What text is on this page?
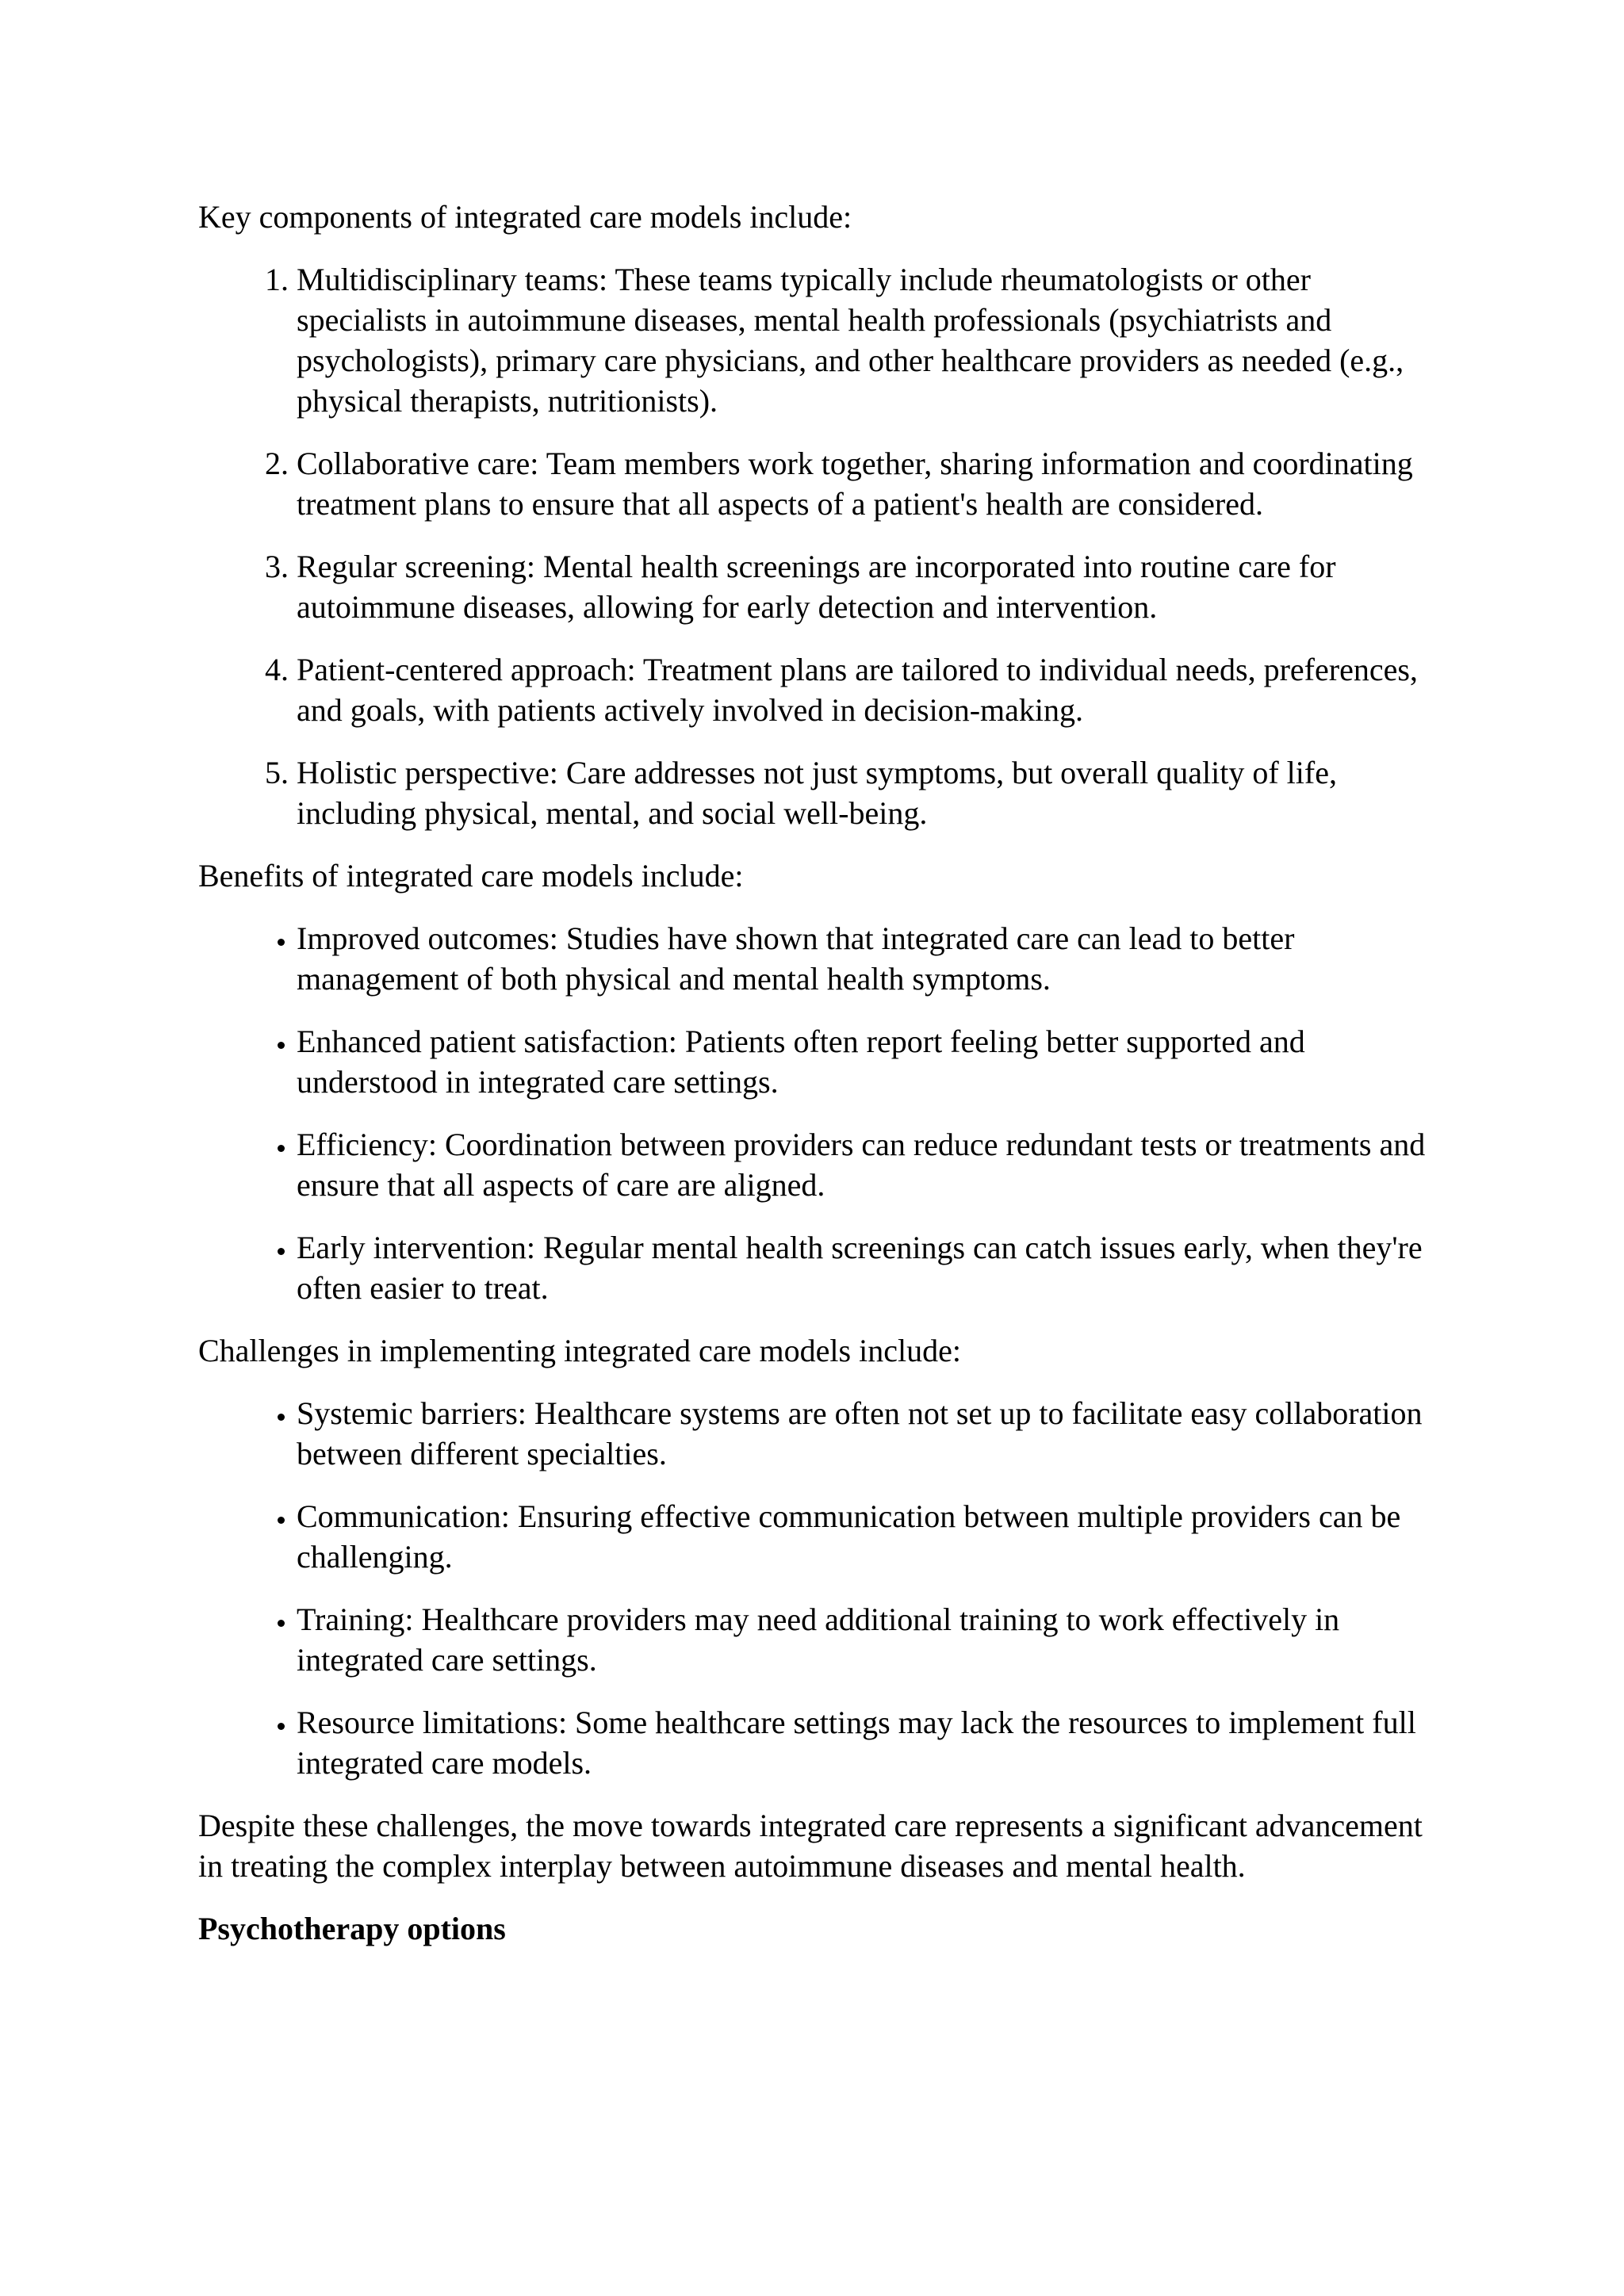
Key components of integrated care models include:

1. Multidisciplinary teams: These teams typically include rheumatologists or other specialists in autoimmune diseases, mental health professionals (psychiatrists and psychologists), primary care physicians, and other healthcare providers as needed (e.g., physical therapists, nutritionists).
2. Collaborative care: Team members work together, sharing information and coordinating treatment plans to ensure that all aspects of a patient's health are considered.
3. Regular screening: Mental health screenings are incorporated into routine care for autoimmune diseases, allowing for early detection and intervention.
4. Patient-centered approach: Treatment plans are tailored to individual needs, preferences, and goals, with patients actively involved in decision-making.
5. Holistic perspective: Care addresses not just symptoms, but overall quality of life, including physical, mental, and social well-being.

Benefits of integrated care models include:

• Improved outcomes: Studies have shown that integrated care can lead to better management of both physical and mental health symptoms.
• Enhanced patient satisfaction: Patients often report feeling better supported and understood in integrated care settings.
• Efficiency: Coordination between providers can reduce redundant tests or treatments and ensure that all aspects of care are aligned.
• Early intervention: Regular mental health screenings can catch issues early, when they're often easier to treat.

Challenges in implementing integrated care models include:

• Systemic barriers: Healthcare systems are often not set up to facilitate easy collaboration between different specialties.
• Communication: Ensuring effective communication between multiple providers can be challenging.
• Training: Healthcare providers may need additional training to work effectively in integrated care settings.
• Resource limitations: Some healthcare settings may lack the resources to implement full integrated care models.

Despite these challenges, the move towards integrated care represents a significant advancement in treating the complex interplay between autoimmune diseases and mental health.

Psychotherapy options
